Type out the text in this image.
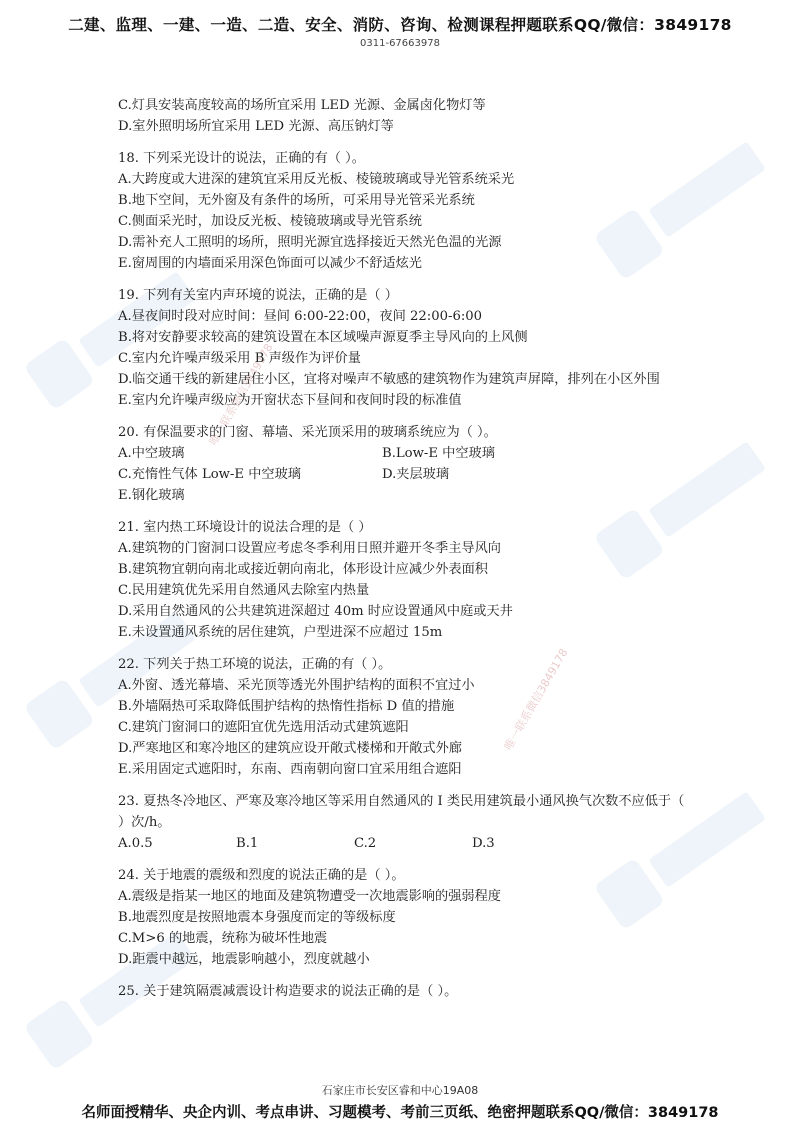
唯一联系微信3849178
唯一联系微信3849178
二建、监理、一建、一造、二造、安全、消防、咨询、检测课程押题联系QQ/微信：3849178
0311-67663978
C.灯具安装高度较高的场所宜采用 LED 光源、金属卤化物灯等
D.室外照明场所宜采用 LED 光源、高压钠灯等
18. 下列采光设计的说法，正确的有（ ）。
A.大跨度或大进深的建筑宜采用反光板、棱镜玻璃或导光管系统采光
B.地下空间，无外窗及有条件的场所，可采用导光管采光系统
C.侧面采光时，加设反光板、棱镜玻璃或导光管系统
D.需补充人工照明的场所，照明光源宜选择接近天然光色温的光源
E.窗周围的内墙面采用深色饰面可以减少不舒适炫光
19. 下列有关室内声环境的说法，正确的是（ ）
A.昼夜间时段对应时间：昼间 6:00-22:00，夜间 22:00-6:00
B.将对安静要求较高的建筑设置在本区域噪声源夏季主导风向的上风侧
C.室内允许噪声级采用 B 声级作为评价量
D.临交通干线的新建居住小区，宜将对噪声不敏感的建筑物作为建筑声屏障，排列在小区外围
E.室内允许噪声级应为开窗状态下昼间和夜间时段的标准值
20. 有保温要求的门窗、幕墙、采光顶采用的玻璃系统应为（ ）。
A.中空玻璃	B.Low-E 中空玻璃
C.充惰性气体 Low-E 中空玻璃	D.夹层玻璃
E.钢化玻璃
21. 室内热工环境设计的说法合理的是（ ）
A.建筑物的门窗洞口设置应考虑冬季利用日照并避开冬季主导风向
B.建筑物宜朝向南北或接近朝向南北，体形设计应减少外表面积
C.民用建筑优先采用自然通风去除室内热量
D.采用自然通风的公共建筑进深超过 40m 时应设置通风中庭或天井
E.未设置通风系统的居住建筑，户型进深不应超过 15m
22. 下列关于热工环境的说法，正确的有（ ）。
A.外窗、透光幕墙、采光顶等透光外围护结构的面积不宜过小
B.外墙隔热可采取降低围护结构的热惰性指标 D 值的措施
C.建筑门窗洞口的遮阳宜优先选用活动式建筑遮阳
D.严寒地区和寒冷地区的建筑应设开敞式楼梯和开敞式外廊
E.采用固定式遮阳时，东南、西南朝向窗口宜采用组合遮阳
23. 夏热冬冷地区、严寒及寒冷地区等采用自然通风的 I 类民用建筑最小通风换气次数不应低于（ ）次/h。
A.0.5	B.1	C.2	D.3
24. 关于地震的震级和烈度的说法正确的是（ ）。
A.震级是指某一地区的地面及建筑物遭受一次地震影响的强弱程度
B.地震烈度是按照地震本身强度而定的等级标度
C.M>6 的地震，统称为破坏性地震
D.距震中越远，地震影响越小，烈度就越小
25. 关于建筑隔震减震设计构造要求的说法正确的是（ ）。
石家庄市长安区睿和中心19A08
名师面授精华、央企内训、考点串讲、习题模考、考前三页纸、绝密押题联系QQ/微信：3849178
